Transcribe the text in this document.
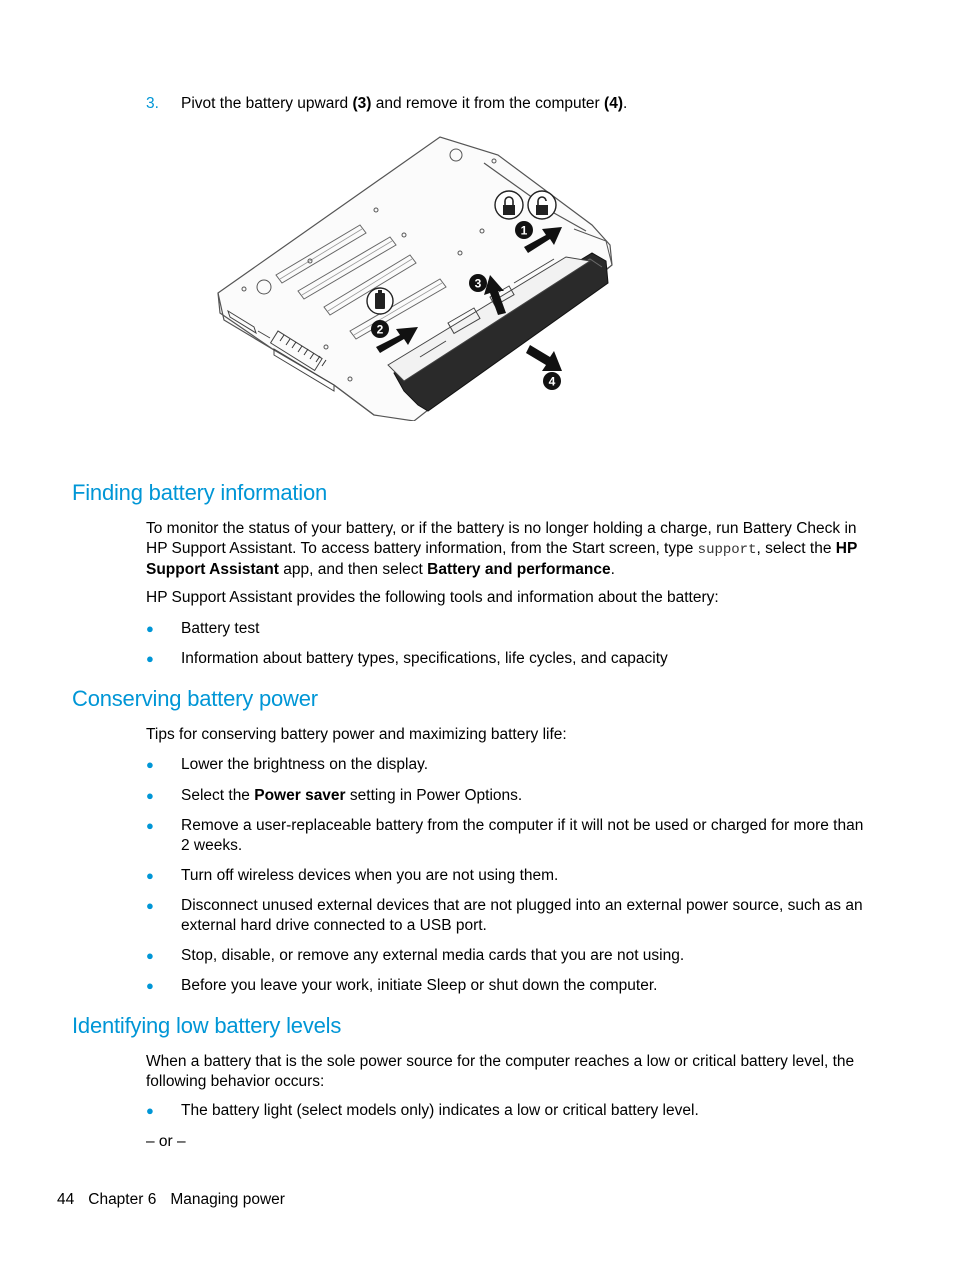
3. Pivot the battery upward (3) and remove it from the computer (4).
1
2
3
4
Finding battery information
To monitor the status of your battery, or if the battery is no longer holding a charge, run Battery Check in HP Support Assistant. To access battery information, from the Start screen, type support, select the HP Support Assistant app, and then select Battery and performance.
HP Support Assistant provides the following tools and information about the battery:
● Battery test
● Information about battery types, specifications, life cycles, and capacity
Conserving battery power
Tips for conserving battery power and maximizing battery life:
● Lower the brightness on the display.
● Select the Power saver setting in Power Options.
● Remove a user-replaceable battery from the computer if it will not be used or charged for more than 2 weeks.
● Turn off wireless devices when you are not using them.
● Disconnect unused external devices that are not plugged into an external power source, such as an external hard drive connected to a USB port.
● Stop, disable, or remove any external media cards that you are not using.
● Before you leave your work, initiate Sleep or shut down the computer.
Identifying low battery levels
When a battery that is the sole power source for the computer reaches a low or critical battery level, the following behavior occurs:
● The battery light (select models only) indicates a low or critical battery level.
– or –
44 Chapter 6 Managing power
